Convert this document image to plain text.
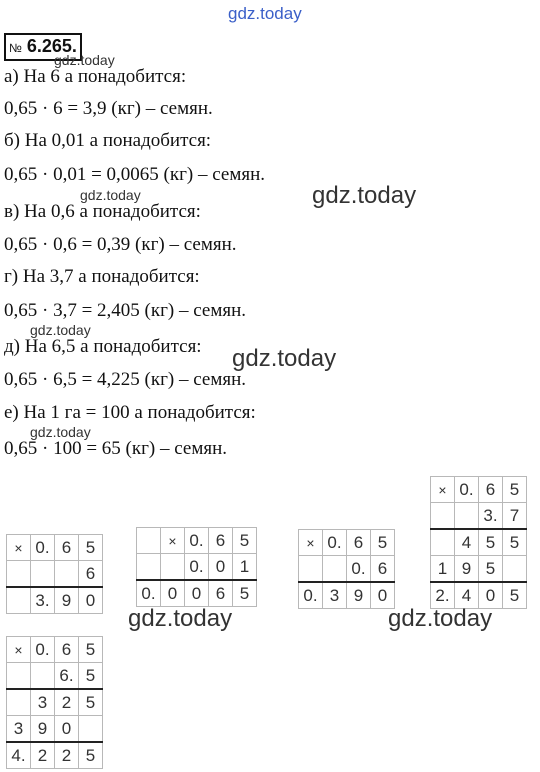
gdz.today
№ 6.265.
gdz.today
а) На 6 а понадобится:
0,65 · 6 = 3,9 (кг) – семян.
б) На 0,01 а понадобится:
0,65 · 0,01 = 0,0065 (кг) – семян.
gdz.today	gdz.today
в) На 0,6 а понадобится:
0,65 · 0,6 = 0,39 (кг) – семян.
г) На 3,7 а понадобится:
0,65 · 3,7 = 2,405 (кг) – семян.
gdz.today
д) На 6,5 а понадобится: gdz.today
0,65 · 6,5 = 4,225 (кг) – семян.
е) На 1 га = 100 а понадобится:
gdz.today
0,65 · 100 = 65 (кг) – семян.
×	0.	6	5
			6
	3.	9	0
	×	0.	6	5
		0.	0	1
0.	0	0	6	5
×	0.	6	5
		0.	6
0.	3	9	0
×	0.	6	5
		3.	7
	4	5	5
1	9	5	
2.	4	0	5
gdz.today	gdz.today
×	0.	6	5
		6.	5
	3	2	5
3	9	0	
4.	2	2	5
